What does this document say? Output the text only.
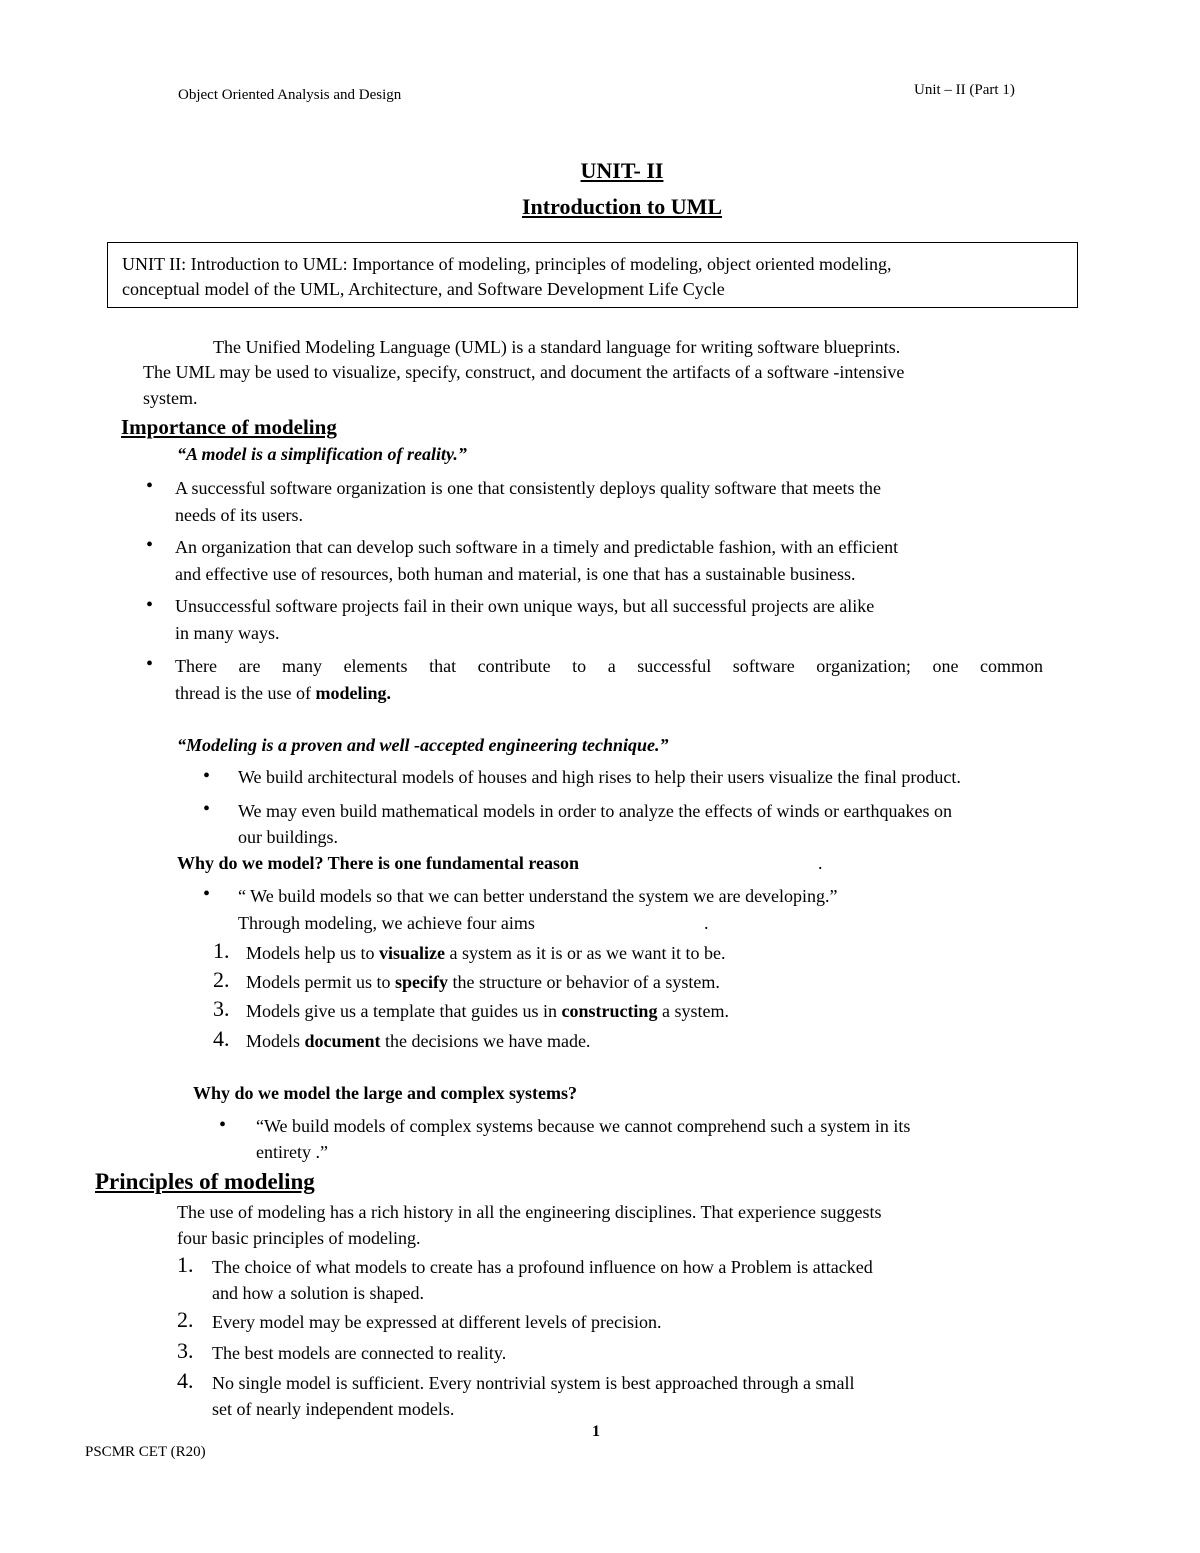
Object Oriented Analysis and Design	Unit – II (Part 1)
UNIT- II
Introduction to UML

UNIT II: Introduction to UML: Importance of modeling, principles of modeling, object oriented modeling,

conceptual model of the UML, Architecture, and Software Development Life Cycle

The Unified Modeling Language (UML) is a standard language for writing software blueprints.
The UML may be used to visualize, specify, construct, and document the artifacts of a software -intensive
system.
Importance of modeling
“A model is a simplification of reality.”
• A successful software organization is one that consistently deploys quality software that meets the
needs of its users.
• An organization that can develop such software in a timely and predictable fashion, with an efficient
and effective use of resources, both human and material, is one that has a sustainable business.
• Unsuccessful software projects fail in their own unique ways, but all successful projects are alike
in many ways.
• There are many elements that contribute to a successful software organization; one common
thread is the use of modeling.
“Modeling is a proven and well -accepted engineering technique.”
• We build architectural models of houses and high rises to help their users visualize the final product.
• We may even build mathematical models in order to analyze the effects of winds or earthquakes on
our buildings.
Why do we model? There is one fundamental reason	.
• “ We build models so that we can better understand the system we are developing.”
Through modeling, we achieve four aims	.
1. Models help us to visualize a system as it is or as we want it to be.
2. Models permit us to specify the structure or behavior of a system.
3. Models give us a template that guides us in constructing a system.
4. Models document the decisions we have made.
Why do we model the large and complex systems?
• “We build models of complex systems because we cannot comprehend such a system in its
entirety .”
Principles of modeling
The use of modeling has a rich history in all the engineering disciplines. That experience suggests
four basic principles of modeling.
1. The choice of what models to create has a profound influence on how a Problem is attacked
and how a solution is shaped.
2. Every model may be expressed at different levels of precision.
3. The best models are connected to reality.
4. No single model is sufficient. Every nontrivial system is best approached through a small
set of nearly independent models.
1
PSCMR CET (R20)
